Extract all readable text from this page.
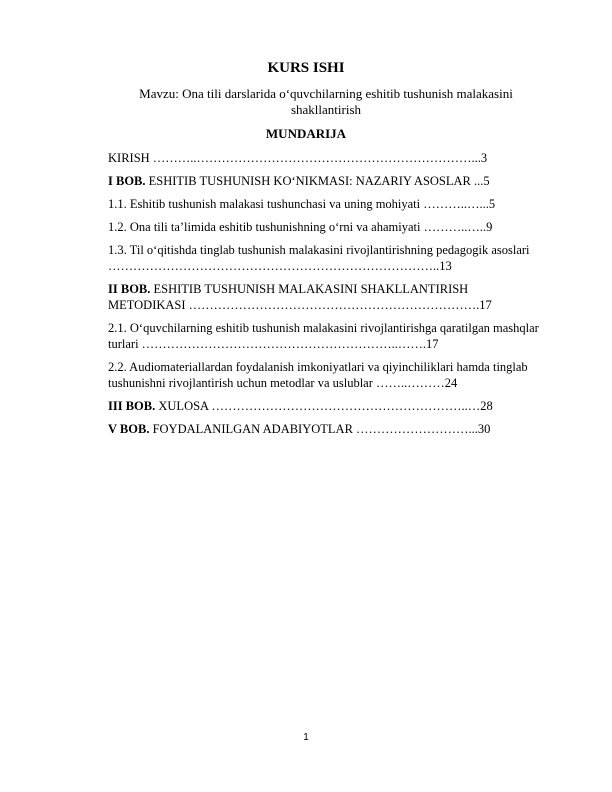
KURS ISHI
Mavzu: Ona tili darslarida o‘quvchilarning eshitib tushunish malakasini shakllantirish
MUNDARIJA
KIRISH ………..…………………………………………………………...3
I BOB. ESHITIB TUSHUNISH KO‘NIKMASI: NAZARIY ASOSLAR ...5
1.1. Eshitib tushunish malakasi tushunchasi va uning mohiyati ………..…...5
1.2. Ona tili ta’limida eshitib tushunishning o‘rni va ahamiyati ………..…..9
1.3. Til o‘qitishda tinglab tushunish malakasini rivojlantirishning pedagogik asoslari ……………………………………………………………………..13
II BOB. ESHITIB TUSHUNISH MALAKASINI SHAKLLANTIRISH METODIKASI …………………………………………………………….17
2.1. O‘quvchilarning eshitib tushunish malakasini rivojlantirishga qaratilgan mashqlar turlari ……………………………………………………..…….17
2.2. Audiomateriallardan foydalanish imkoniyatlari va qiyinchiliklari hamda tinglab tushunishni rivojlantirish uchun metodlar va uslublar ……..………24
III BOB. XULOSA ……………………………………………………..…28
V BOB. FOYDALANILGAN ADABIYOTLAR ………………………...30
1
